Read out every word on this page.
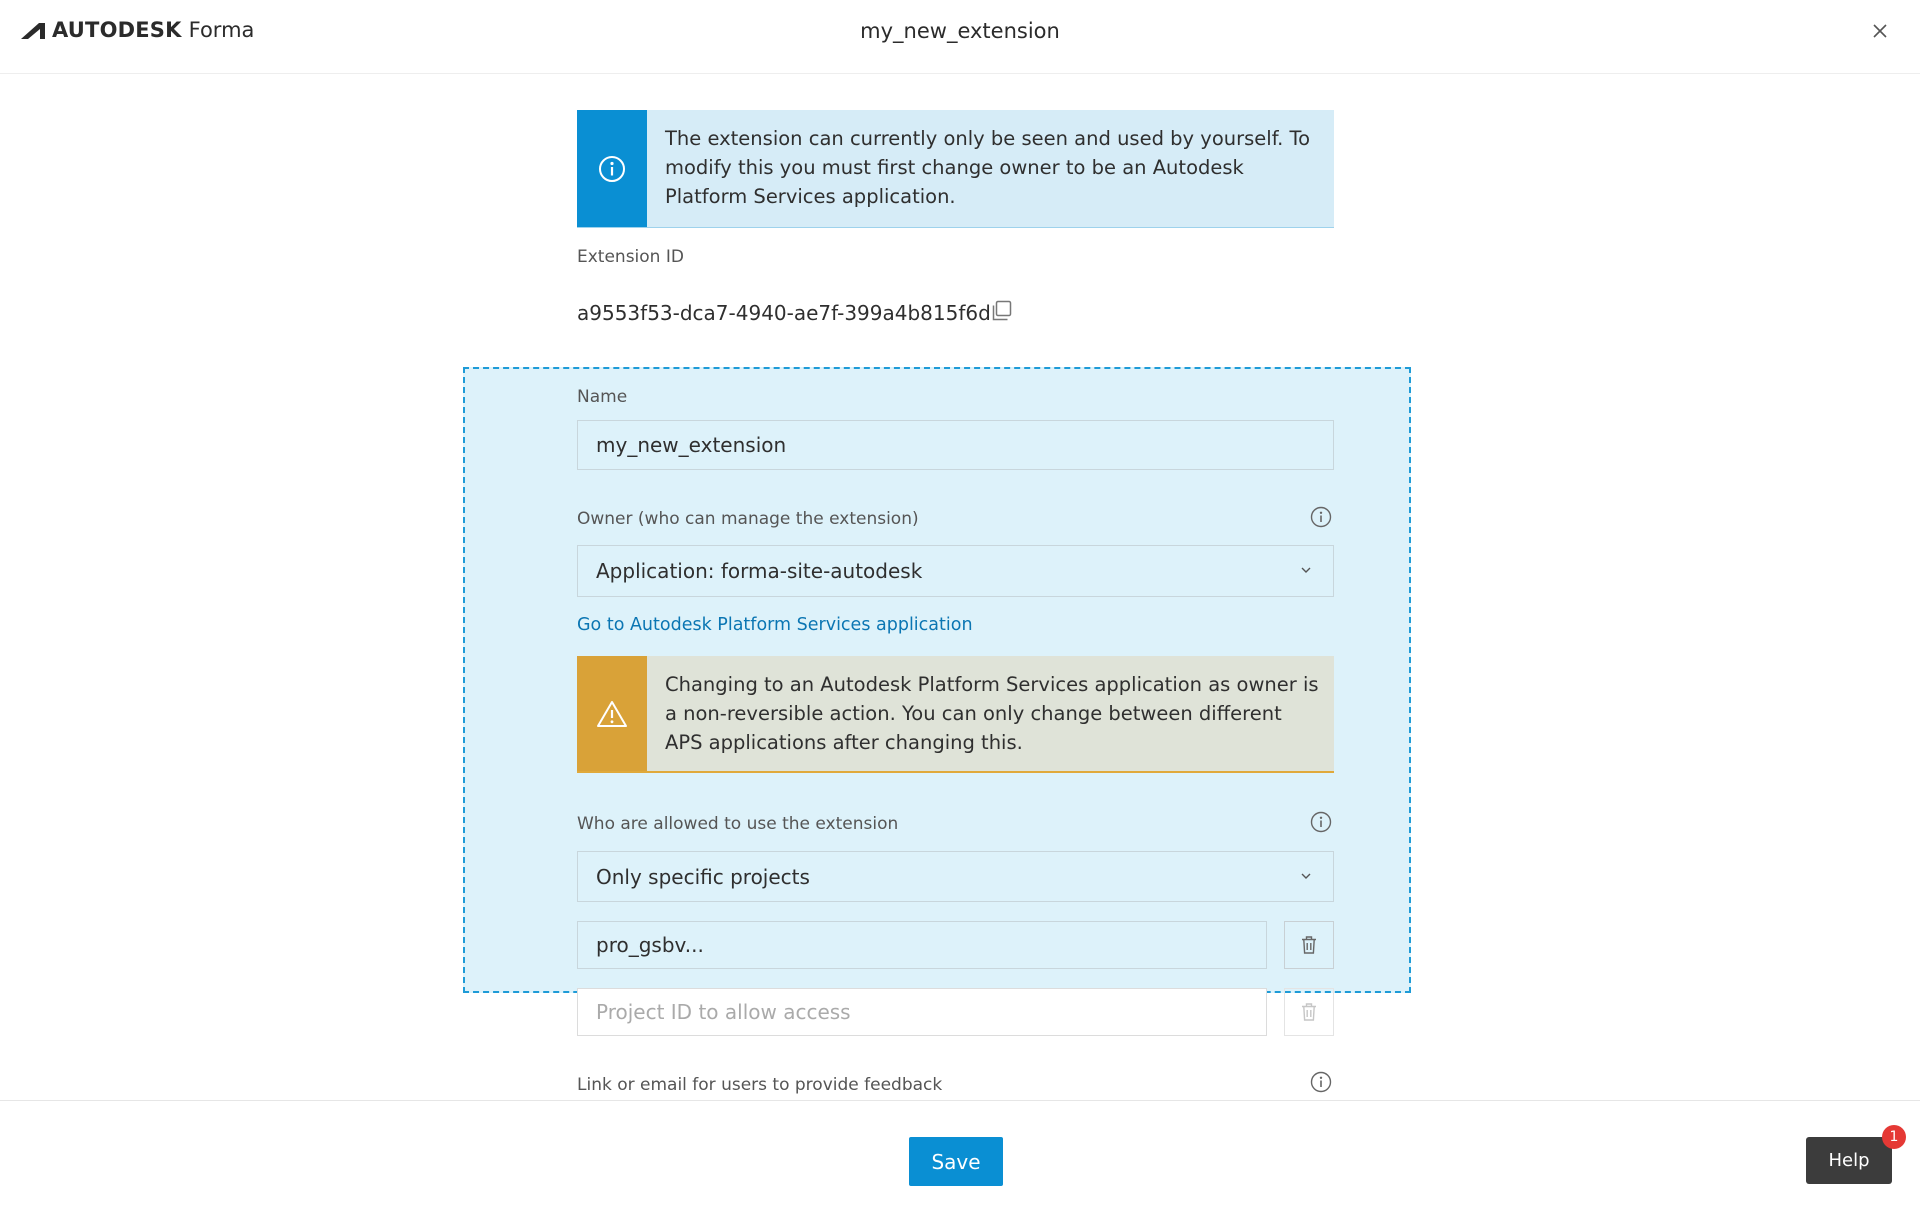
AUTODESK Forma	my_new_extension
The extension can currently only be seen and used by yourself. To modify this you must first change owner to be an Autodesk Platform Services application.
Extension ID
a9553f53-dca7-4940-ae7f-399a4b815f6d
Name
my_new_extension
Owner (who can manage the extension)
Application: forma-site-autodesk
Go to Autodesk Platform Services application
Changing to an Autodesk Platform Services application as owner is a non-reversible action. You can only change between different APS applications after changing this.
Who are allowed to use the extension
Only specific projects
pro_gsbv...
Project ID to allow access
Link or email for users to provide feedback
Save	Help
1
